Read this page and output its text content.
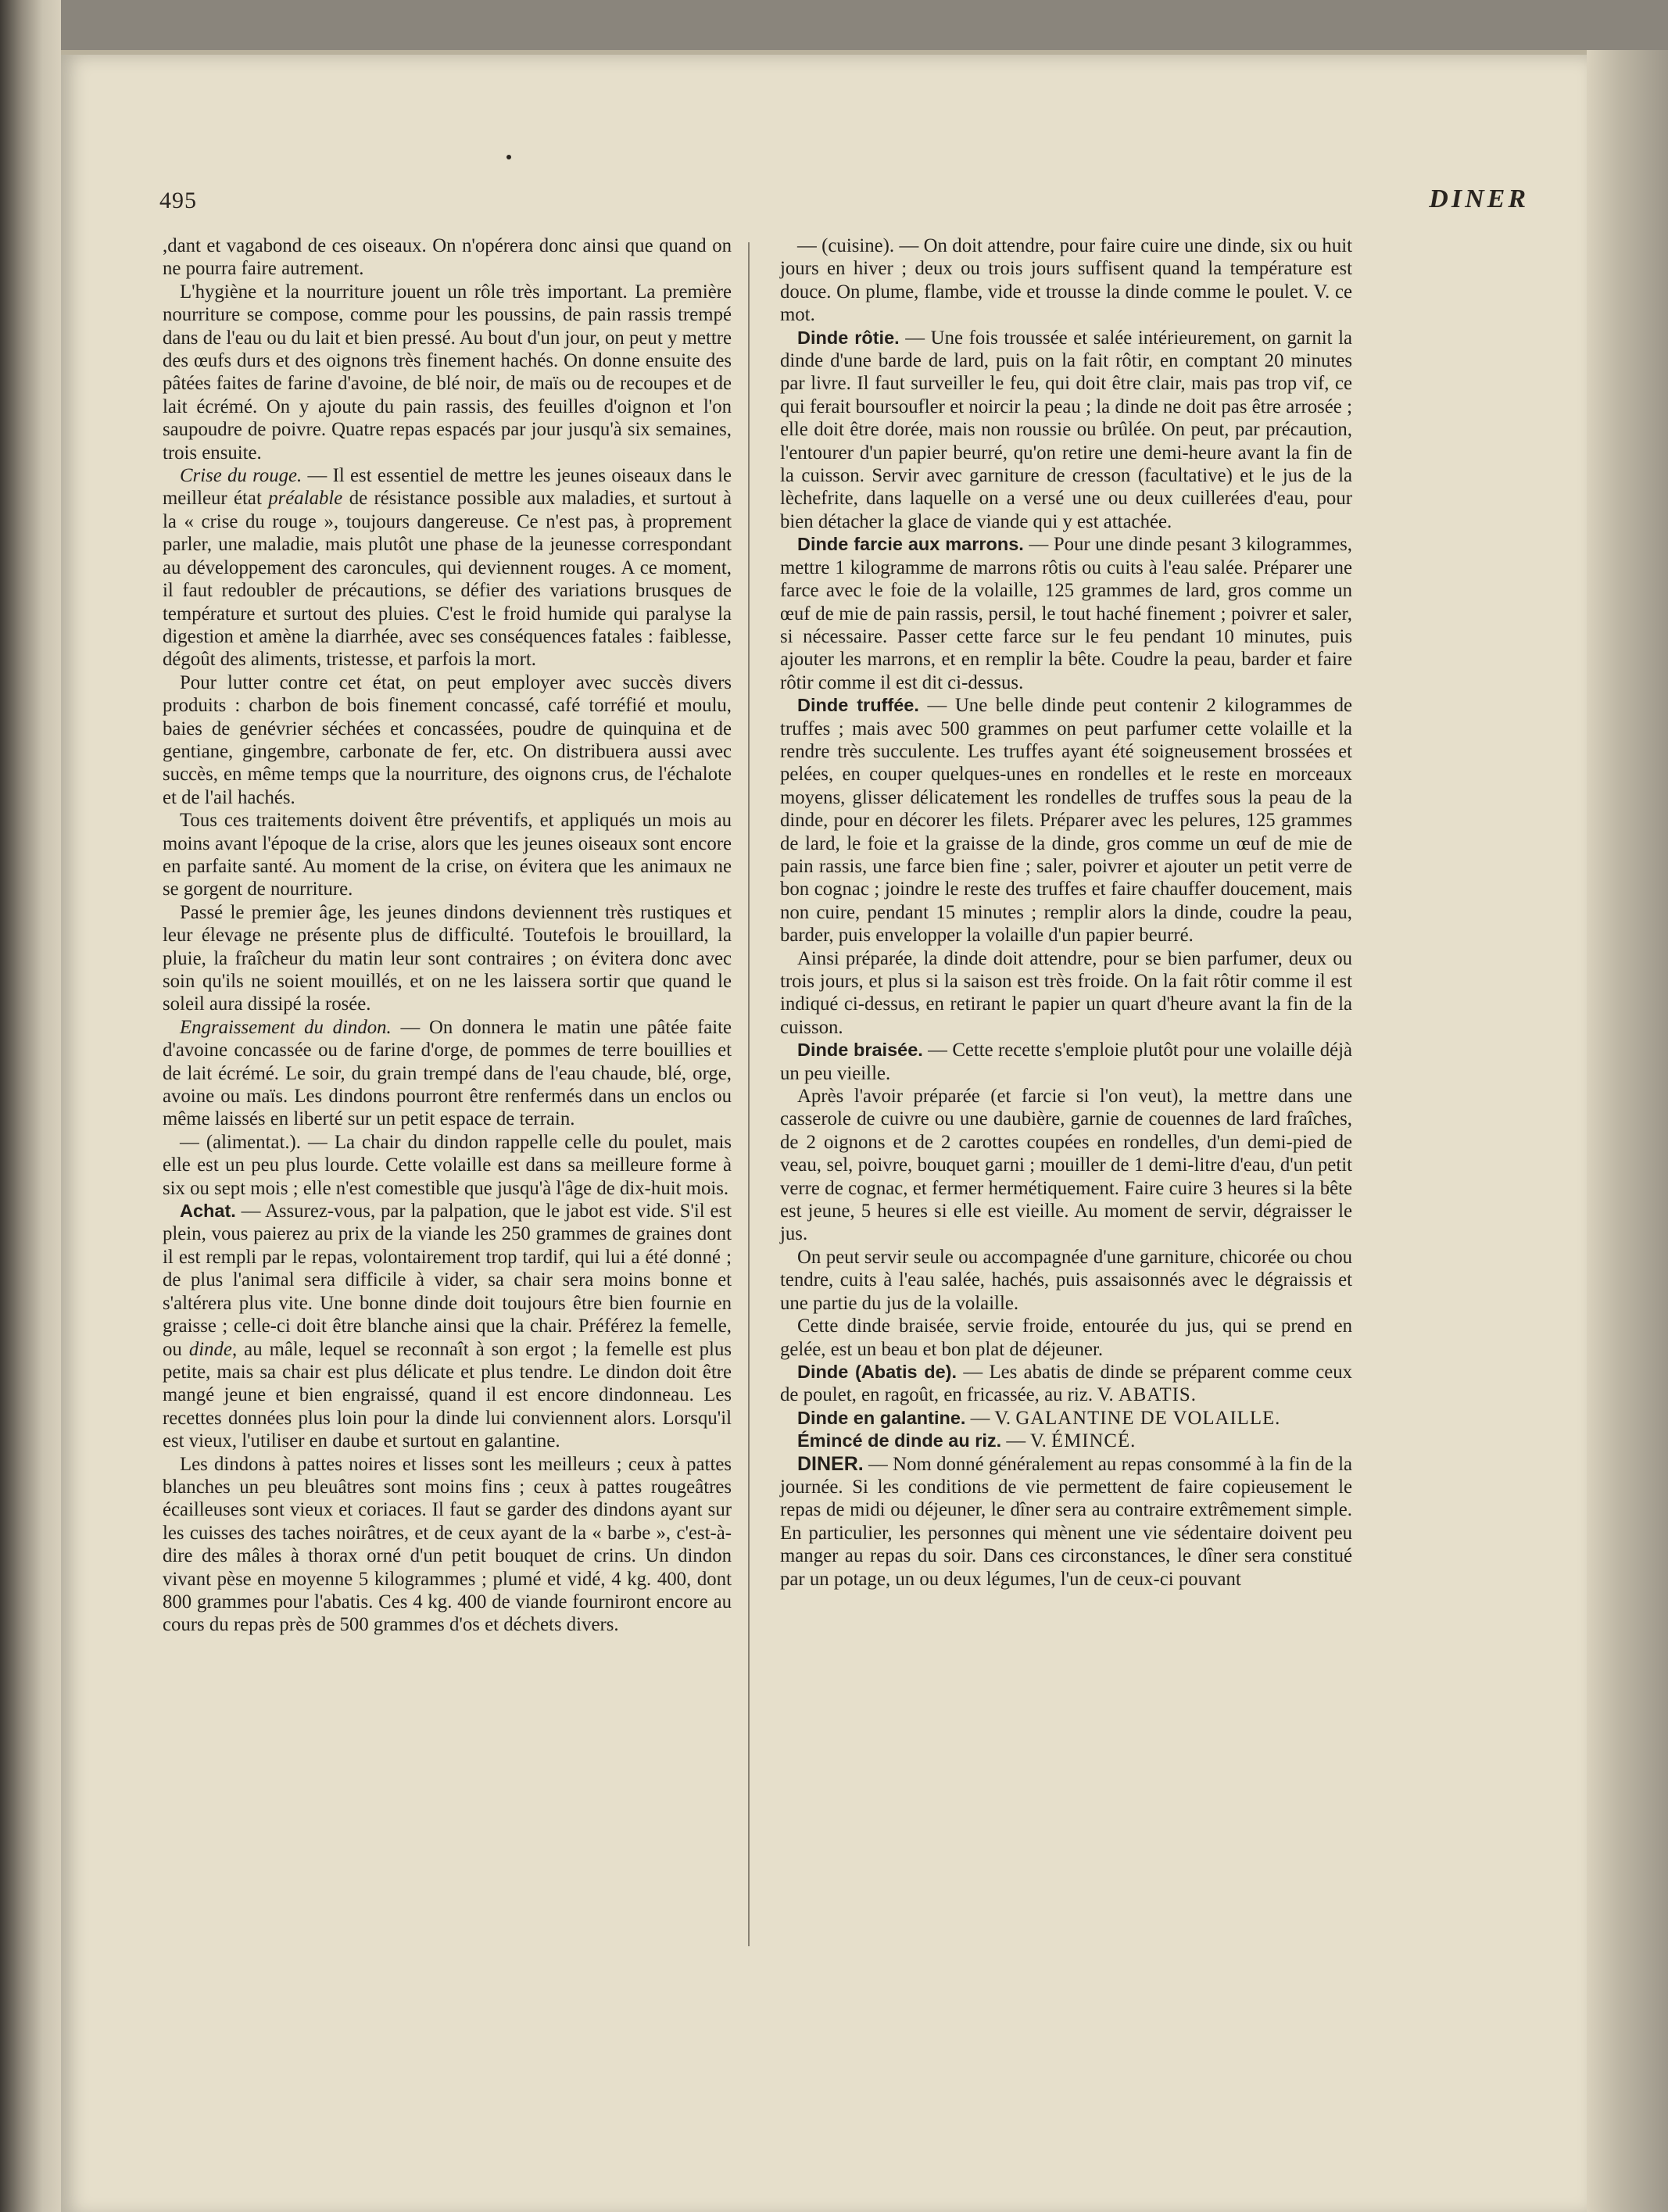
495	DINER

,dant et vagabond de ces oiseaux. On n'opérera donc ainsi que quand on ne pourra faire autrement.

L'hygiène et la nourriture jouent un rôle très important. La première nourriture se compose, comme pour les poussins, de pain rassis trempé dans de l'eau ou du lait et bien pressé. Au bout d'un jour, on peut y mettre des œufs durs et des oignons très finement hachés. On donne ensuite des pâtées faites de farine d'avoine, de blé noir, de maïs ou de recoupes et de lait écrémé. On y ajoute du pain rassis, des feuilles d'oignon et l'on saupoudre de poivre. Quatre repas espacés par jour jusqu'à six semaines, trois ensuite.

Crise du rouge. — Il est essentiel de mettre les jeunes oiseaux dans le meilleur état préalable de résistance possible aux maladies, et surtout à la « crise du rouge », toujours dangereuse. Ce n'est pas, à proprement parler, une maladie, mais plutôt une phase de la jeunesse correspondant au développement des caroncules, qui deviennent rouges. A ce moment, il faut redoubler de précautions, se défier des variations brusques de température et surtout des pluies. C'est le froid humide qui paralyse la digestion et amène la diarrhée, avec ses conséquences fatales : faiblesse, dégoût des aliments, tristesse, et parfois la mort.

Pour lutter contre cet état, on peut employer avec succès divers produits : charbon de bois finement concassé, café torréfié et moulu, baies de genévrier séchées et concassées, poudre de quinquina et de gentiane, gingembre, carbonate de fer, etc. On distribuera aussi avec succès, en même temps que la nourriture, des oignons crus, de l'échalote et de l'ail hachés.

Tous ces traitements doivent être préventifs, et appliqués un mois au moins avant l'époque de la crise, alors que les jeunes oiseaux sont encore en parfaite santé. Au moment de la crise, on évitera que les animaux ne se gorgent de nourriture.

Passé le premier âge, les jeunes dindons deviennent très rustiques et leur élevage ne présente plus de difficulté. Toutefois le brouillard, la pluie, la fraîcheur du matin leur sont contraires ; on évitera donc avec soin qu'ils ne soient mouillés, et on ne les laissera sortir que quand le soleil aura dissipé la rosée.

Engraissement du dindon. — On donnera le matin une pâtée faite d'avoine concassée ou de farine d'orge, de pommes de terre bouillies et de lait écrémé. Le soir, du grain trempé dans de l'eau chaude, blé, orge, avoine ou maïs. Les dindons pourront être renfermés dans un enclos ou même laissés en liberté sur un petit espace de terrain.

— (alimentat.). — La chair du dindon rappelle celle du poulet, mais elle est un peu plus lourde. Cette volaille est dans sa meilleure forme à six ou sept mois ; elle n'est comestible que jusqu'à l'âge de dix-huit mois.

Achat. — Assurez-vous, par la palpation, que le jabot est vide. S'il est plein, vous paierez au prix de la viande les 250 grammes de graines dont il est rempli par le repas, volontairement trop tardif, qui lui a été donné ; de plus l'animal sera difficile à vider, sa chair sera moins bonne et s'altérera plus vite. Une bonne dinde doit toujours être bien fournie en graisse ; celle-ci doit être blanche ainsi que la chair. Préférez la femelle, ou dinde, au mâle, lequel se reconnaît à son ergot ; la femelle est plus petite, mais sa chair est plus délicate et plus tendre. Le dindon doit être mangé jeune et bien engraissé, quand il est encore dindonneau. Les recettes données plus loin pour la dinde lui conviennent alors. Lorsqu'il est vieux, l'utiliser en daube et surtout en galantine.

Les dindons à pattes noires et lisses sont les meilleurs ; ceux à pattes blanches un peu bleuâtres sont moins fins ; ceux à pattes rougeâtres écailleuses sont vieux et coriaces. Il faut se garder des dindons ayant sur les cuisses des taches noirâtres, et de ceux ayant de la « barbe », c'est-à-dire des mâles à thorax orné d'un petit bouquet de crins. Un dindon vivant pèse en moyenne 5 kilogrammes ; plumé et vidé, 4 kg. 400, dont 800 grammes pour l'abatis. Ces 4 kg. 400 de viande fourniront encore au cours du repas près de 500 grammes d'os et déchets divers.

— (cuisine). — On doit attendre, pour faire cuire une dinde, six ou huit jours en hiver ; deux ou trois jours suffisent quand la température est douce. On plume, flambe, vide et trousse la dinde comme le poulet. V. ce mot.

Dinde rôtie. — Une fois troussée et salée intérieurement, on garnit la dinde d'une barde de lard, puis on la fait rôtir, en comptant 20 minutes par livre. Il faut surveiller le feu, qui doit être clair, mais pas trop vif, ce qui ferait boursoufler et noircir la peau ; la dinde ne doit pas être arrosée ; elle doit être dorée, mais non roussie ou brûlée. On peut, par précaution, l'entourer d'un papier beurré, qu'on retire une demi-heure avant la fin de la cuisson. Servir avec garniture de cresson (facultative) et le jus de la lèchefrite, dans laquelle on a versé une ou deux cuillerées d'eau, pour bien détacher la glace de viande qui y est attachée.

Dinde farcie aux marrons. — Pour une dinde pesant 3 kilogrammes, mettre 1 kilogramme de marrons rôtis ou cuits à l'eau salée. Préparer une farce avec le foie de la volaille, 125 grammes de lard, gros comme un œuf de mie de pain rassis, persil, le tout haché finement ; poivrer et saler, si nécessaire. Passer cette farce sur le feu pendant 10 minutes, puis ajouter les marrons, et en remplir la bête. Coudre la peau, barder et faire rôtir comme il est dit ci-dessus.

Dinde truffée. — Une belle dinde peut contenir 2 kilogrammes de truffes ; mais avec 500 grammes on peut parfumer cette volaille et la rendre très succulente. Les truffes ayant été soigneusement brossées et pelées, en couper quelques-unes en rondelles et le reste en morceaux moyens, glisser délicatement les rondelles de truffes sous la peau de la dinde, pour en décorer les filets. Préparer avec les pelures, 125 grammes de lard, le foie et la graisse de la dinde, gros comme un œuf de mie de pain rassis, une farce bien fine ; saler, poivrer et ajouter un petit verre de bon cognac ; joindre le reste des truffes et faire chauffer doucement, mais non cuire, pendant 15 minutes ; remplir alors la dinde, coudre la peau, barder, puis envelopper la volaille d'un papier beurré.

Ainsi préparée, la dinde doit attendre, pour se bien parfumer, deux ou trois jours, et plus si la saison est très froide. On la fait rôtir comme il est indiqué ci-dessus, en retirant le papier un quart d'heure avant la fin de la cuisson.

Dinde braisée. — Cette recette s'emploie plutôt pour une volaille déjà un peu vieille.

Après l'avoir préparée (et farcie si l'on veut), la mettre dans une casserole de cuivre ou une daubière, garnie de couennes de lard fraîches, de 2 oignons et de 2 carottes coupées en rondelles, d'un demi-pied de veau, sel, poivre, bouquet garni ; mouiller de 1 demi-litre d'eau, d'un petit verre de cognac, et fermer hermétiquement. Faire cuire 3 heures si la bête est jeune, 5 heures si elle est vieille. Au moment de servir, dégraisser le jus.

On peut servir seule ou accompagnée d'une garniture, chicorée ou chou tendre, cuits à l'eau salée, hachés, puis assaisonnés avec le dégraissis et une partie du jus de la volaille.

Cette dinde braisée, servie froide, entourée du jus, qui se prend en gelée, est un beau et bon plat de déjeuner.

Dinde (Abatis de). — Les abatis de dinde se préparent comme ceux de poulet, en ragoût, en fricassée, au riz. V. ABATIS.

Dinde en galantine. — V. GALANTINE DE VOLAILLE.

Émincé de dinde au riz. — V. ÉMINCÉ.

DINER. — Nom donné généralement au repas consommé à la fin de la journée. Si les conditions de vie permettent de faire copieusement le repas de midi ou déjeuner, le dîner sera au contraire extrêmement simple. En particulier, les personnes qui mènent une vie sédentaire doivent peu manger au repas du soir. Dans ces circonstances, le dîner sera constitué par un potage, un ou deux légumes, l'un de ceux-ci pouvant
